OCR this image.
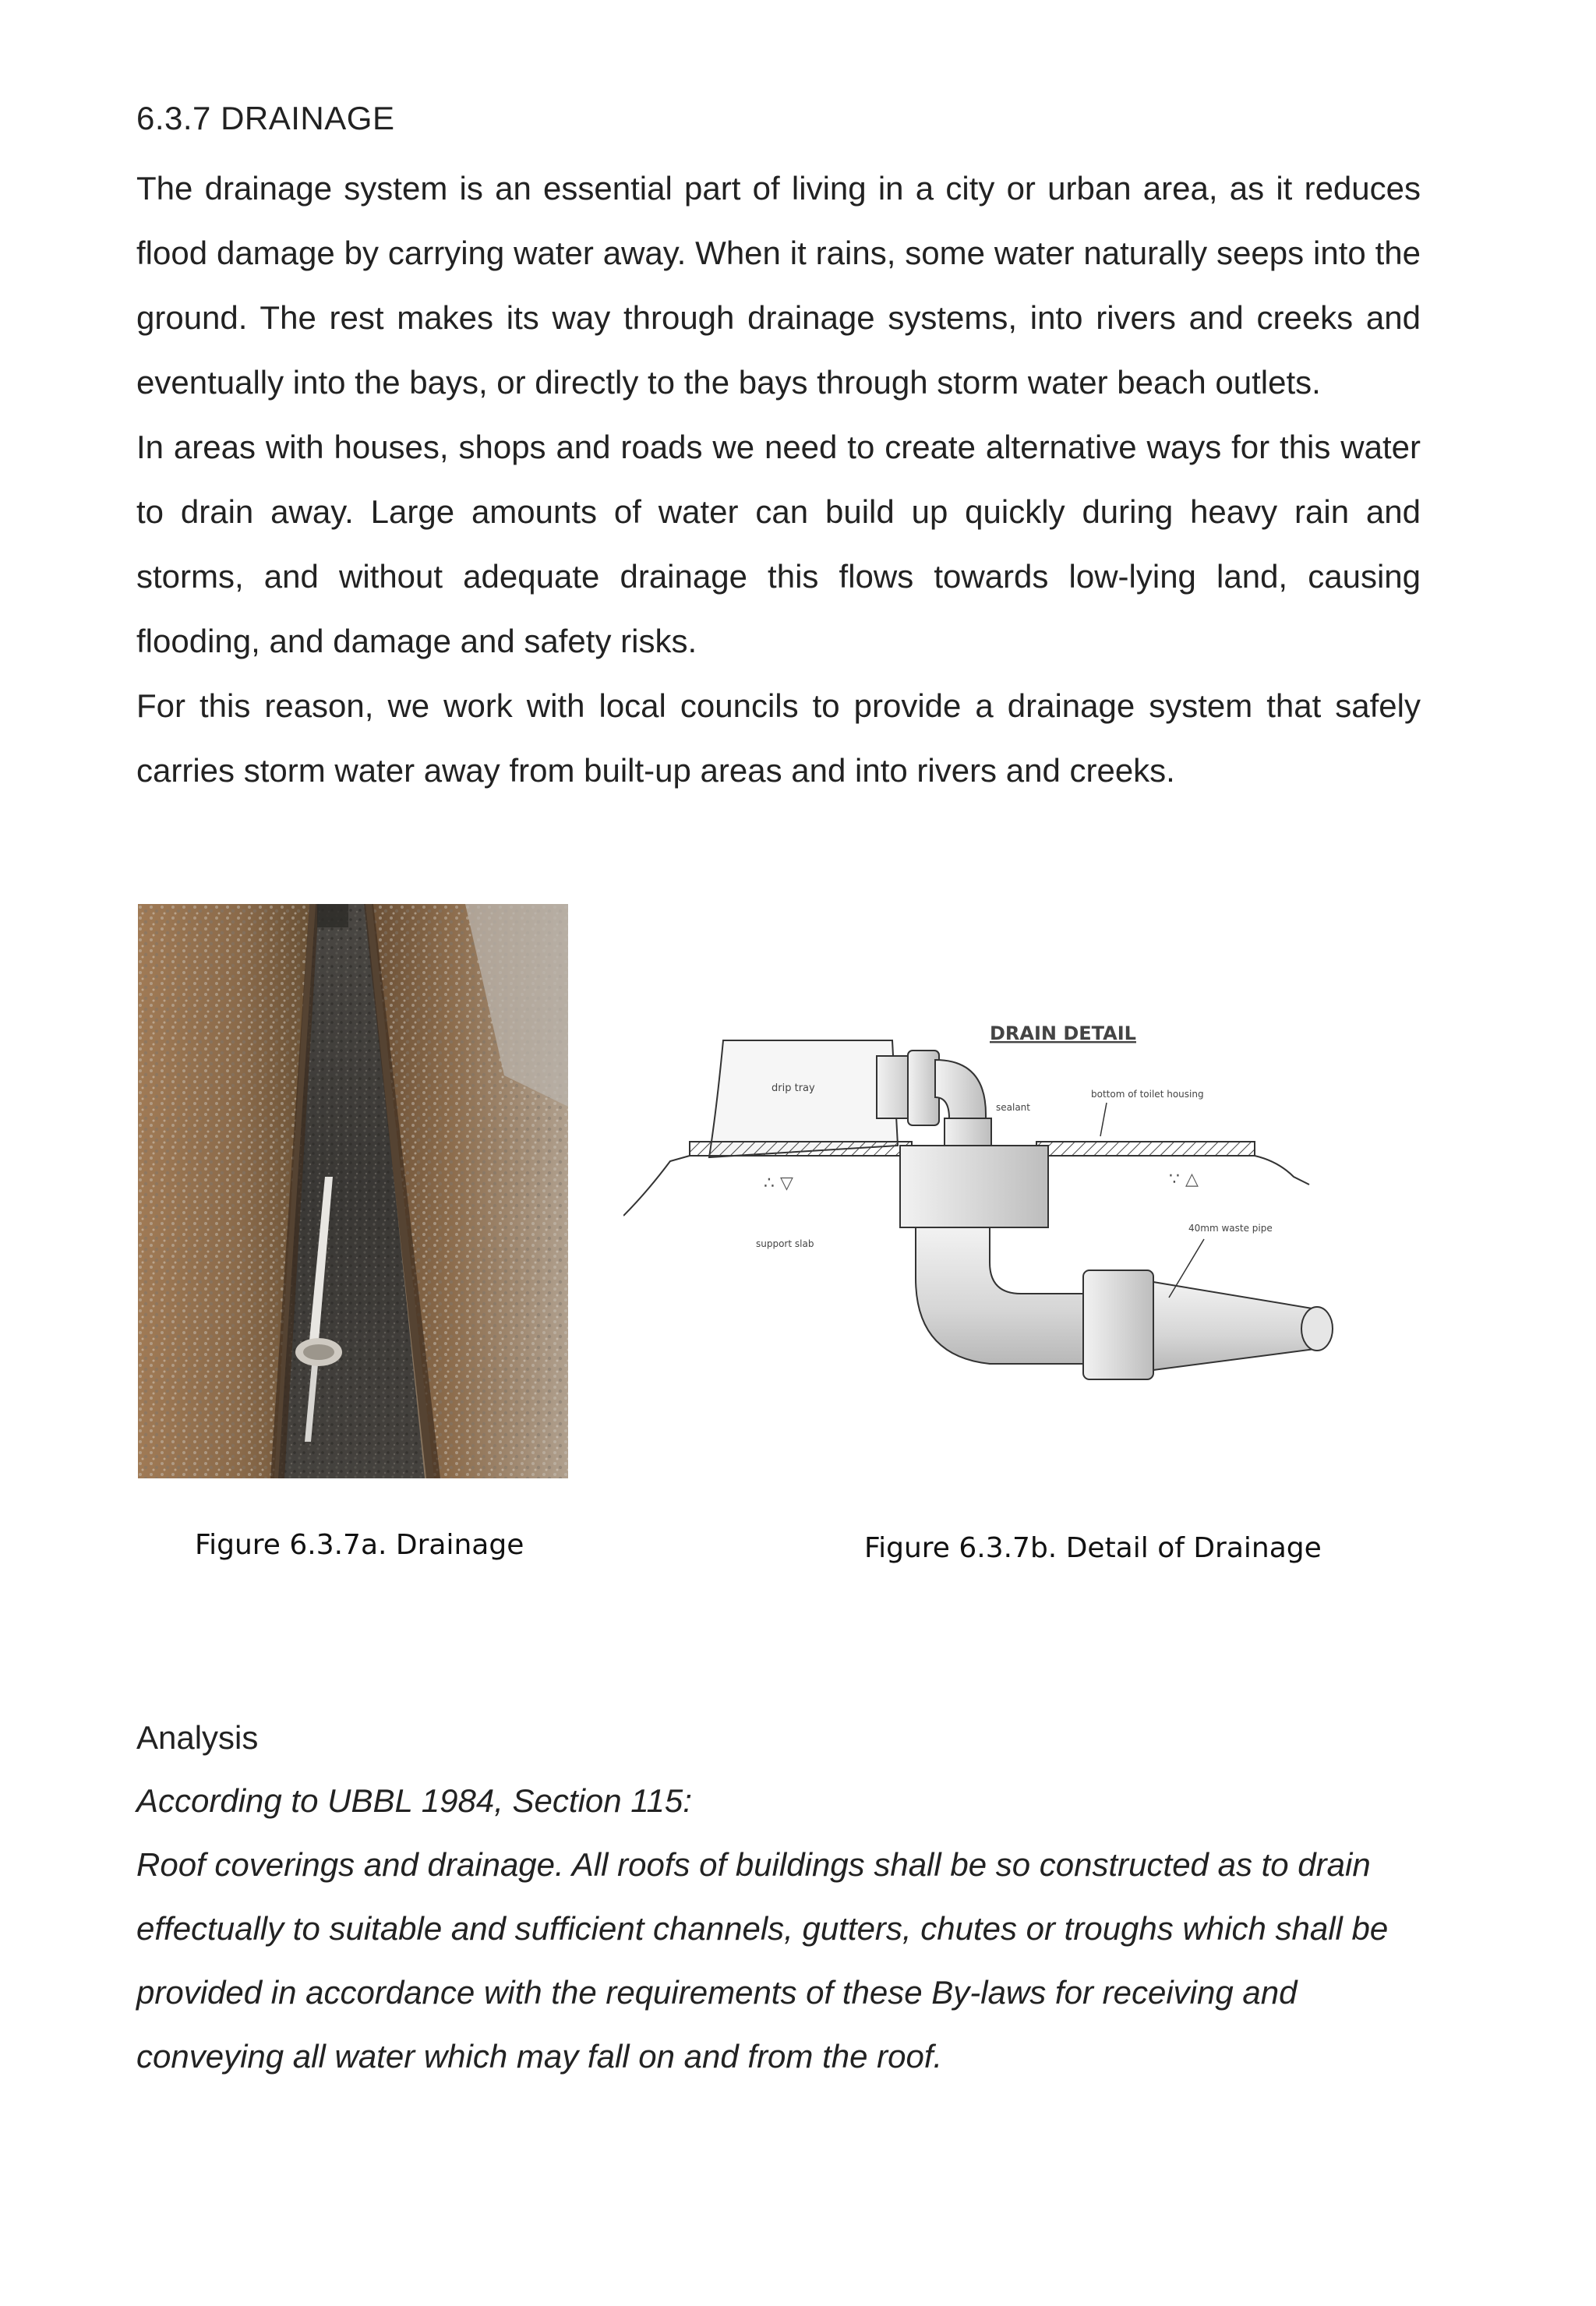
6.3.7 DRAINAGE

The drainage system is an essential part of living in a city or urban area, as it reduces flood damage by carrying water away. When it rains, some water naturally seeps into the ground. The rest makes its way through drainage systems, into rivers and creeks and eventually into the bays, or directly to the bays through storm water beach outlets.

In areas with houses, shops and roads we need to create alternative ways for this water to drain away. Large amounts of water can build up quickly during heavy rain and storms, and without adequate drainage this flows towards low-lying land, causing flooding, and damage and safety risks.

For this reason, we work with local councils to provide a drainage system that safely carries storm water away from built-up areas and into rivers and creeks.

DRAIN DETAIL
drip tray
sealant
bottom of toilet housing
∴ ▽	∵ △
support slab
40mm waste pipe
Figure 6.3.7a. Drainage	Figure 6.3.7b. Detail of Drainage
Analysis

According to UBBL 1984, Section 115:

Roof coverings and drainage. All roofs of buildings shall be so constructed as to drain effectually to suitable and sufficient channels, gutters, chutes or troughs which shall be provided in accordance with the requirements of these By-laws for receiving and conveying all water which may fall on and from the roof.
